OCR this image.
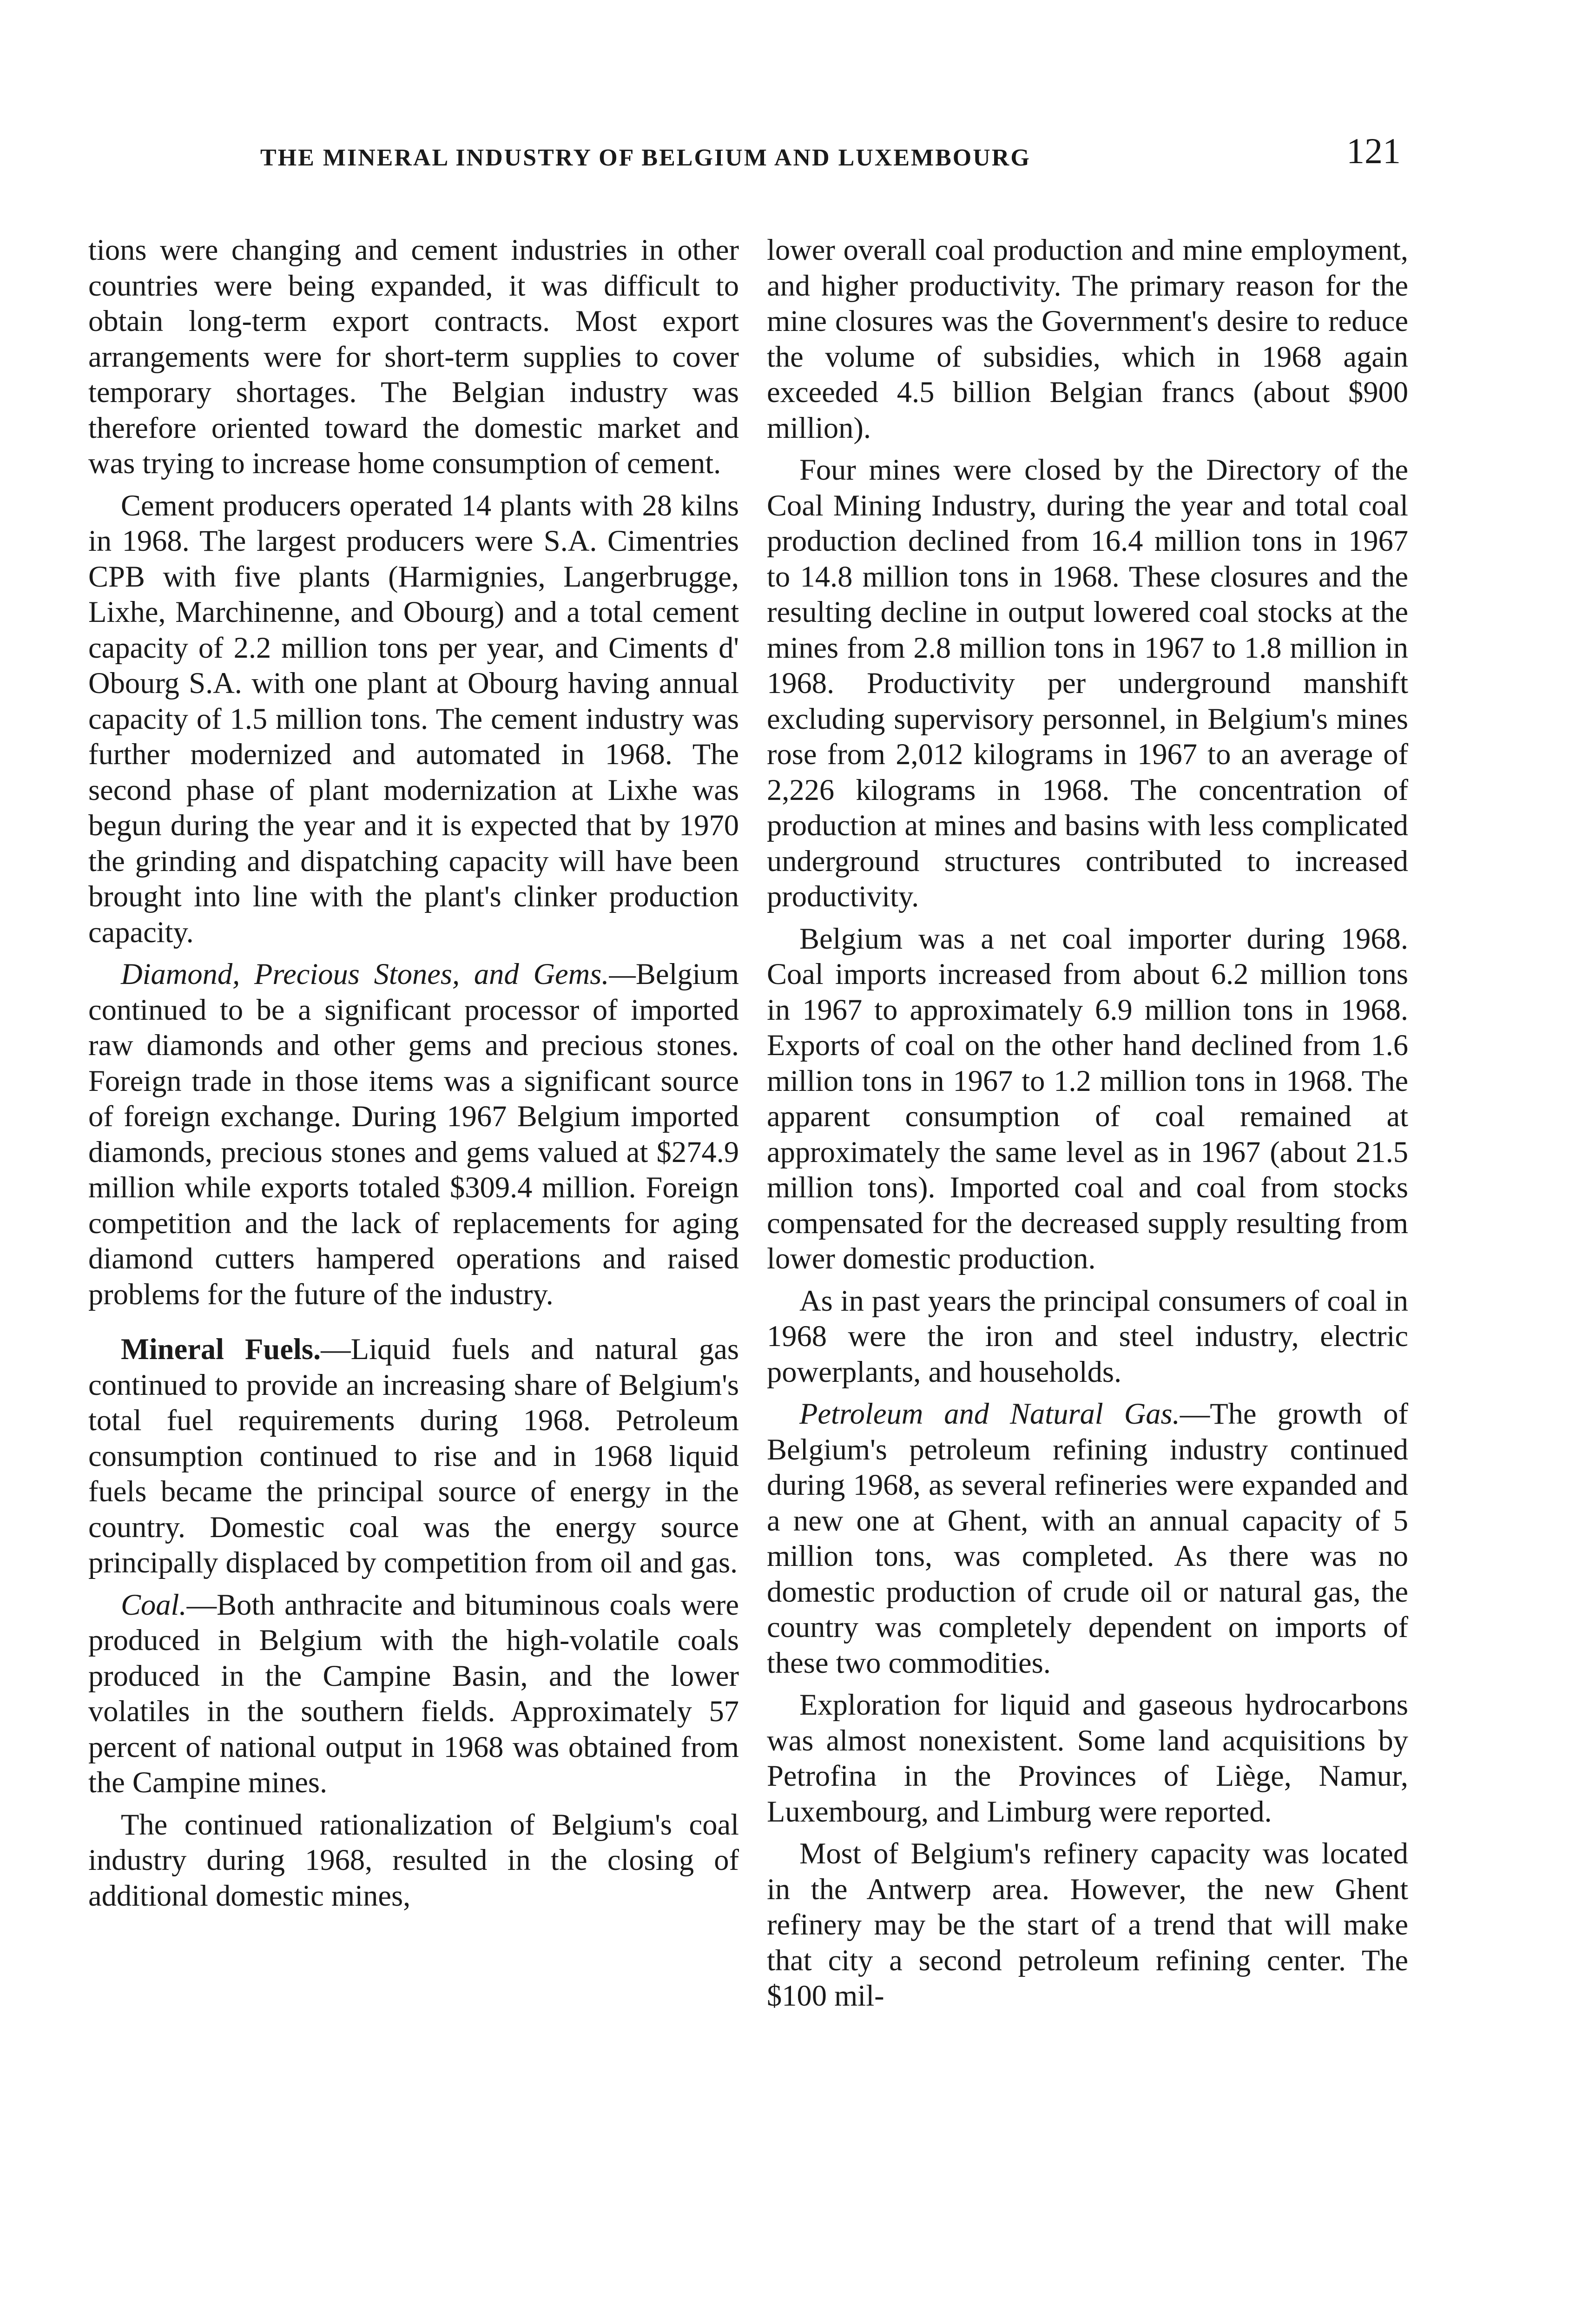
THE MINERAL INDUSTRY OF BELGIUM AND LUXEMBOURG	121

tions were changing and cement industries in other countries were being expanded, it was difficult to obtain long-term export contracts. Most export arrangements were for short-term supplies to cover temporary shortages. The Belgian industry was therefore oriented toward the domestic market and was trying to increase home consumption of cement.

Cement producers operated 14 plants with 28 kilns in 1968. The largest producers were S.A. Cimentries CPB with five plants (Harmignies, Langerbrugge, Lixhe, Marchinenne, and Obourg) and a total cement capacity of 2.2 million tons per year, and Ciments d' Obourg S.A. with one plant at Obourg having annual capacity of 1.5 million tons. The cement industry was further modernized and automated in 1968. The second phase of plant modernization at Lixhe was begun during the year and it is expected that by 1970 the grinding and dispatching capacity will have been brought into line with the plant's clinker production capacity.

Diamond, Precious Stones, and Gems.—Belgium continued to be a significant processor of imported raw diamonds and other gems and precious stones. Foreign trade in those items was a significant source of foreign exchange. During 1967 Belgium imported diamonds, precious stones and gems valued at $274.9 million while exports totaled $309.4 million. Foreign competition and the lack of replacements for aging diamond cutters hampered operations and raised problems for the future of the industry.

Mineral Fuels.—Liquid fuels and natural gas continued to provide an increasing share of Belgium's total fuel requirements during 1968. Petroleum consumption continued to rise and in 1968 liquid fuels became the principal source of energy in the country. Domestic coal was the energy source principally displaced by competition from oil and gas.

Coal.—Both anthracite and bituminous coals were produced in Belgium with the high-volatile coals produced in the Campine Basin, and the lower volatiles in the southern fields. Approximately 57 percent of national output in 1968 was obtained from the Campine mines.

The continued rationalization of Belgium's coal industry during 1968, resulted in the closing of additional domestic mines,

lower overall coal production and mine employment, and higher productivity. The primary reason for the mine closures was the Government's desire to reduce the volume of subsidies, which in 1968 again exceeded 4.5 billion Belgian francs (about $900 million).

Four mines were closed by the Directory of the Coal Mining Industry, during the year and total coal production declined from 16.4 million tons in 1967 to 14.8 million tons in 1968. These closures and the resulting decline in output lowered coal stocks at the mines from 2.8 million tons in 1967 to 1.8 million in 1968. Productivity per underground manshift excluding supervisory personnel, in Belgium's mines rose from 2,012 kilograms in 1967 to an average of 2,226 kilograms in 1968. The concentration of production at mines and basins with less complicated underground structures contributed to increased productivity.

Belgium was a net coal importer during 1968. Coal imports increased from about 6.2 million tons in 1967 to approximately 6.9 million tons in 1968. Exports of coal on the other hand declined from 1.6 million tons in 1967 to 1.2 million tons in 1968. The apparent consumption of coal remained at approximately the same level as in 1967 (about 21.5 million tons). Imported coal and coal from stocks compensated for the decreased supply resulting from lower domestic production.

As in past years the principal consumers of coal in 1968 were the iron and steel industry, electric powerplants, and households.

Petroleum and Natural Gas.—The growth of Belgium's petroleum refining industry continued during 1968, as several refineries were expanded and a new one at Ghent, with an annual capacity of 5 million tons, was completed. As there was no domestic production of crude oil or natural gas, the country was completely dependent on imports of these two commodities.

Exploration for liquid and gaseous hydrocarbons was almost nonexistent. Some land acquisitions by Petrofina in the Provinces of Liège, Namur, Luxembourg, and Limburg were reported.

Most of Belgium's refinery capacity was located in the Antwerp area. However, the new Ghent refinery may be the start of a trend that will make that city a second petroleum refining center. The $100 mil-
